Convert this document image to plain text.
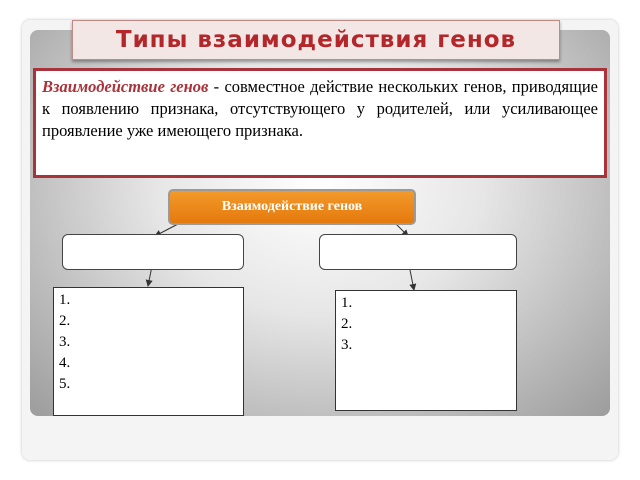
Типы взаимодействия генов
Взаимодействие генов - совместное действие нескольких генов, приводящие к появлению признака, отсутствующего у родителей, или усиливающее проявление уже имеющего признака.
Взаимодействие генов
1.
2.
3.
4.
5.
1.
2.
3.
